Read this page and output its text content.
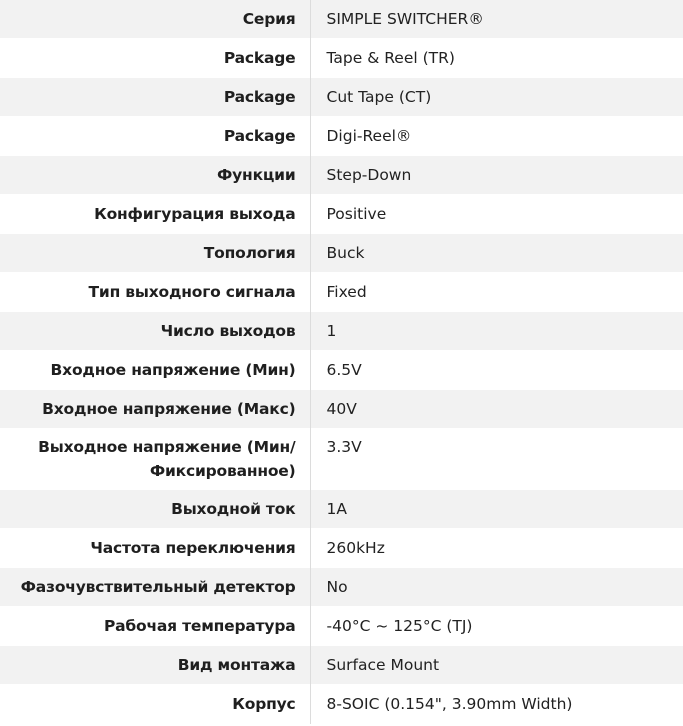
Серия	SIMPLE SWITCHER®
Package	Tape & Reel (TR)
Package	Cut Tape (CT)
Package	Digi-Reel®
Функции	Step-Down
Конфигурация выхода	Positive
Топология	Buck
Тип выходного сигнала	Fixed
Число выходов	1
Входное напряжение (Мин)	6.5V
Входное напряжение (Макс)	40V
Выходное напряжение (Мин/ Фиксированное)	3.3V
Выходной ток	1A
Частота переключения	260kHz
Фазочувствительный детектор	No
Рабочая температура	-40°C ~ 125°C (TJ)
Вид монтажа	Surface Mount
Корпус	8-SOIC (0.154", 3.90mm Width)
